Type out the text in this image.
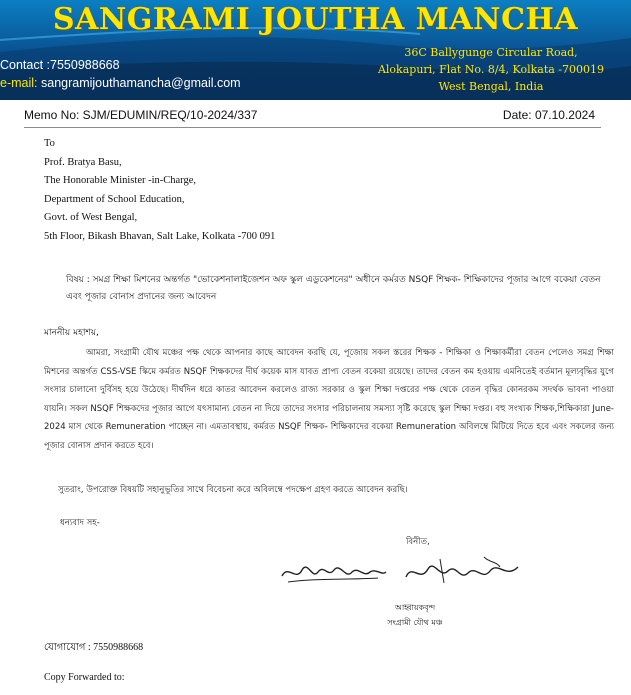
SANGRAMI JOUTHA MANCHA
Contact :7550988668
e-mail: sangramijouthamancha@gmail.com
36C Ballygunge Circular Road,
Alokapuri, Flat No. 8/4, Kolkata -700019
West Bengal, India
Memo No: SJM/EDUMIN/REQ/10-2024/337	Date: 07.10.2024
To
Prof. Bratya Basu,
The Honorable Minister -in-Charge,
Department of School Education,
Govt. of West Bengal,
5th Floor, Bikash Bhavan, Salt Lake, Kolkata -700 091
বিষয় : সমগ্র শিক্ষা মিশনের অন্তর্গত "ভোকেশনালাইজেশন অফ স্কুল এডুকেশনের" অধীনে কর্মরত NSQF শিক্ষক- শিক্ষিকাদের পূজার আগে বকেয়া বেতন এবং পূজার বোনাস প্রদানের জন্য আবেদন
মাননীয় মহাশয়,
আমরা, সংগ্রামী যৌথ মঞ্চের পক্ষ থেকে আপনার কাছে আবেদন করছি যে, পূজোয় সকল স্তরের শিক্ষক - শিক্ষিকা ও শিক্ষাকর্মীরা বেতন পেলেও সমগ্র শিক্ষা মিশনের অন্তর্গত CSS-VSE স্কিমে কর্মরত NSQF শিক্ষকদের দীর্ঘ কয়েক মাস যাবত প্রাপ্য বেতন বকেয়া রয়েছে। তাদের বেতন কম হওয়ায় এমনিতেই বর্তমান মূল্যবৃদ্ধির যুগে সংসার চালানো দুর্বিসহ হয়ে উঠেছে। দীর্ঘদিন ধরে কাতর আবেদন করলেও রাজ্য সরকার ও স্কুল শিক্ষা দপ্তরের পক্ষ থেকে বেতন বৃদ্ধির কোনরকম সদর্থক ভাবনা পাওয়া যায়নি। সকল NSQF শিক্ষকদের পূজার আগে যৎসামান্য বেতন না দিয়ে তাদের সংসার পরিচালনায় সমস্যা সৃষ্টি করেছে স্কুল শিক্ষা দপ্তর। বহু সংখ্যক শিক্ষক,শিক্ষিকারা June-2024 মাস থেকে Remuneration পাচ্ছেন না। এমতাবস্থায়, কর্মরত NSQF শিক্ষক- শিক্ষিকাদের বকেয়া Remuneration অবিলম্বে মিটিয়ে দিতে হবে এবং সকলের জন্য পূজার বোনাস প্রদান করতে হবে।
সুতরাং, উপরোক্ত বিষয়টি সহানুভূতির সাথে বিবেচনা করে অবিলম্বে পদক্ষেপ গ্রহণ করতে আবেদন করছি।
ধন্যবাদ সহ-
বিনীত,
আহ্বায়কবৃন্দ
সংগ্রামী যৌথ মঞ্চ
যোগাযোগ : 7550988668
Copy Forwarded to:
